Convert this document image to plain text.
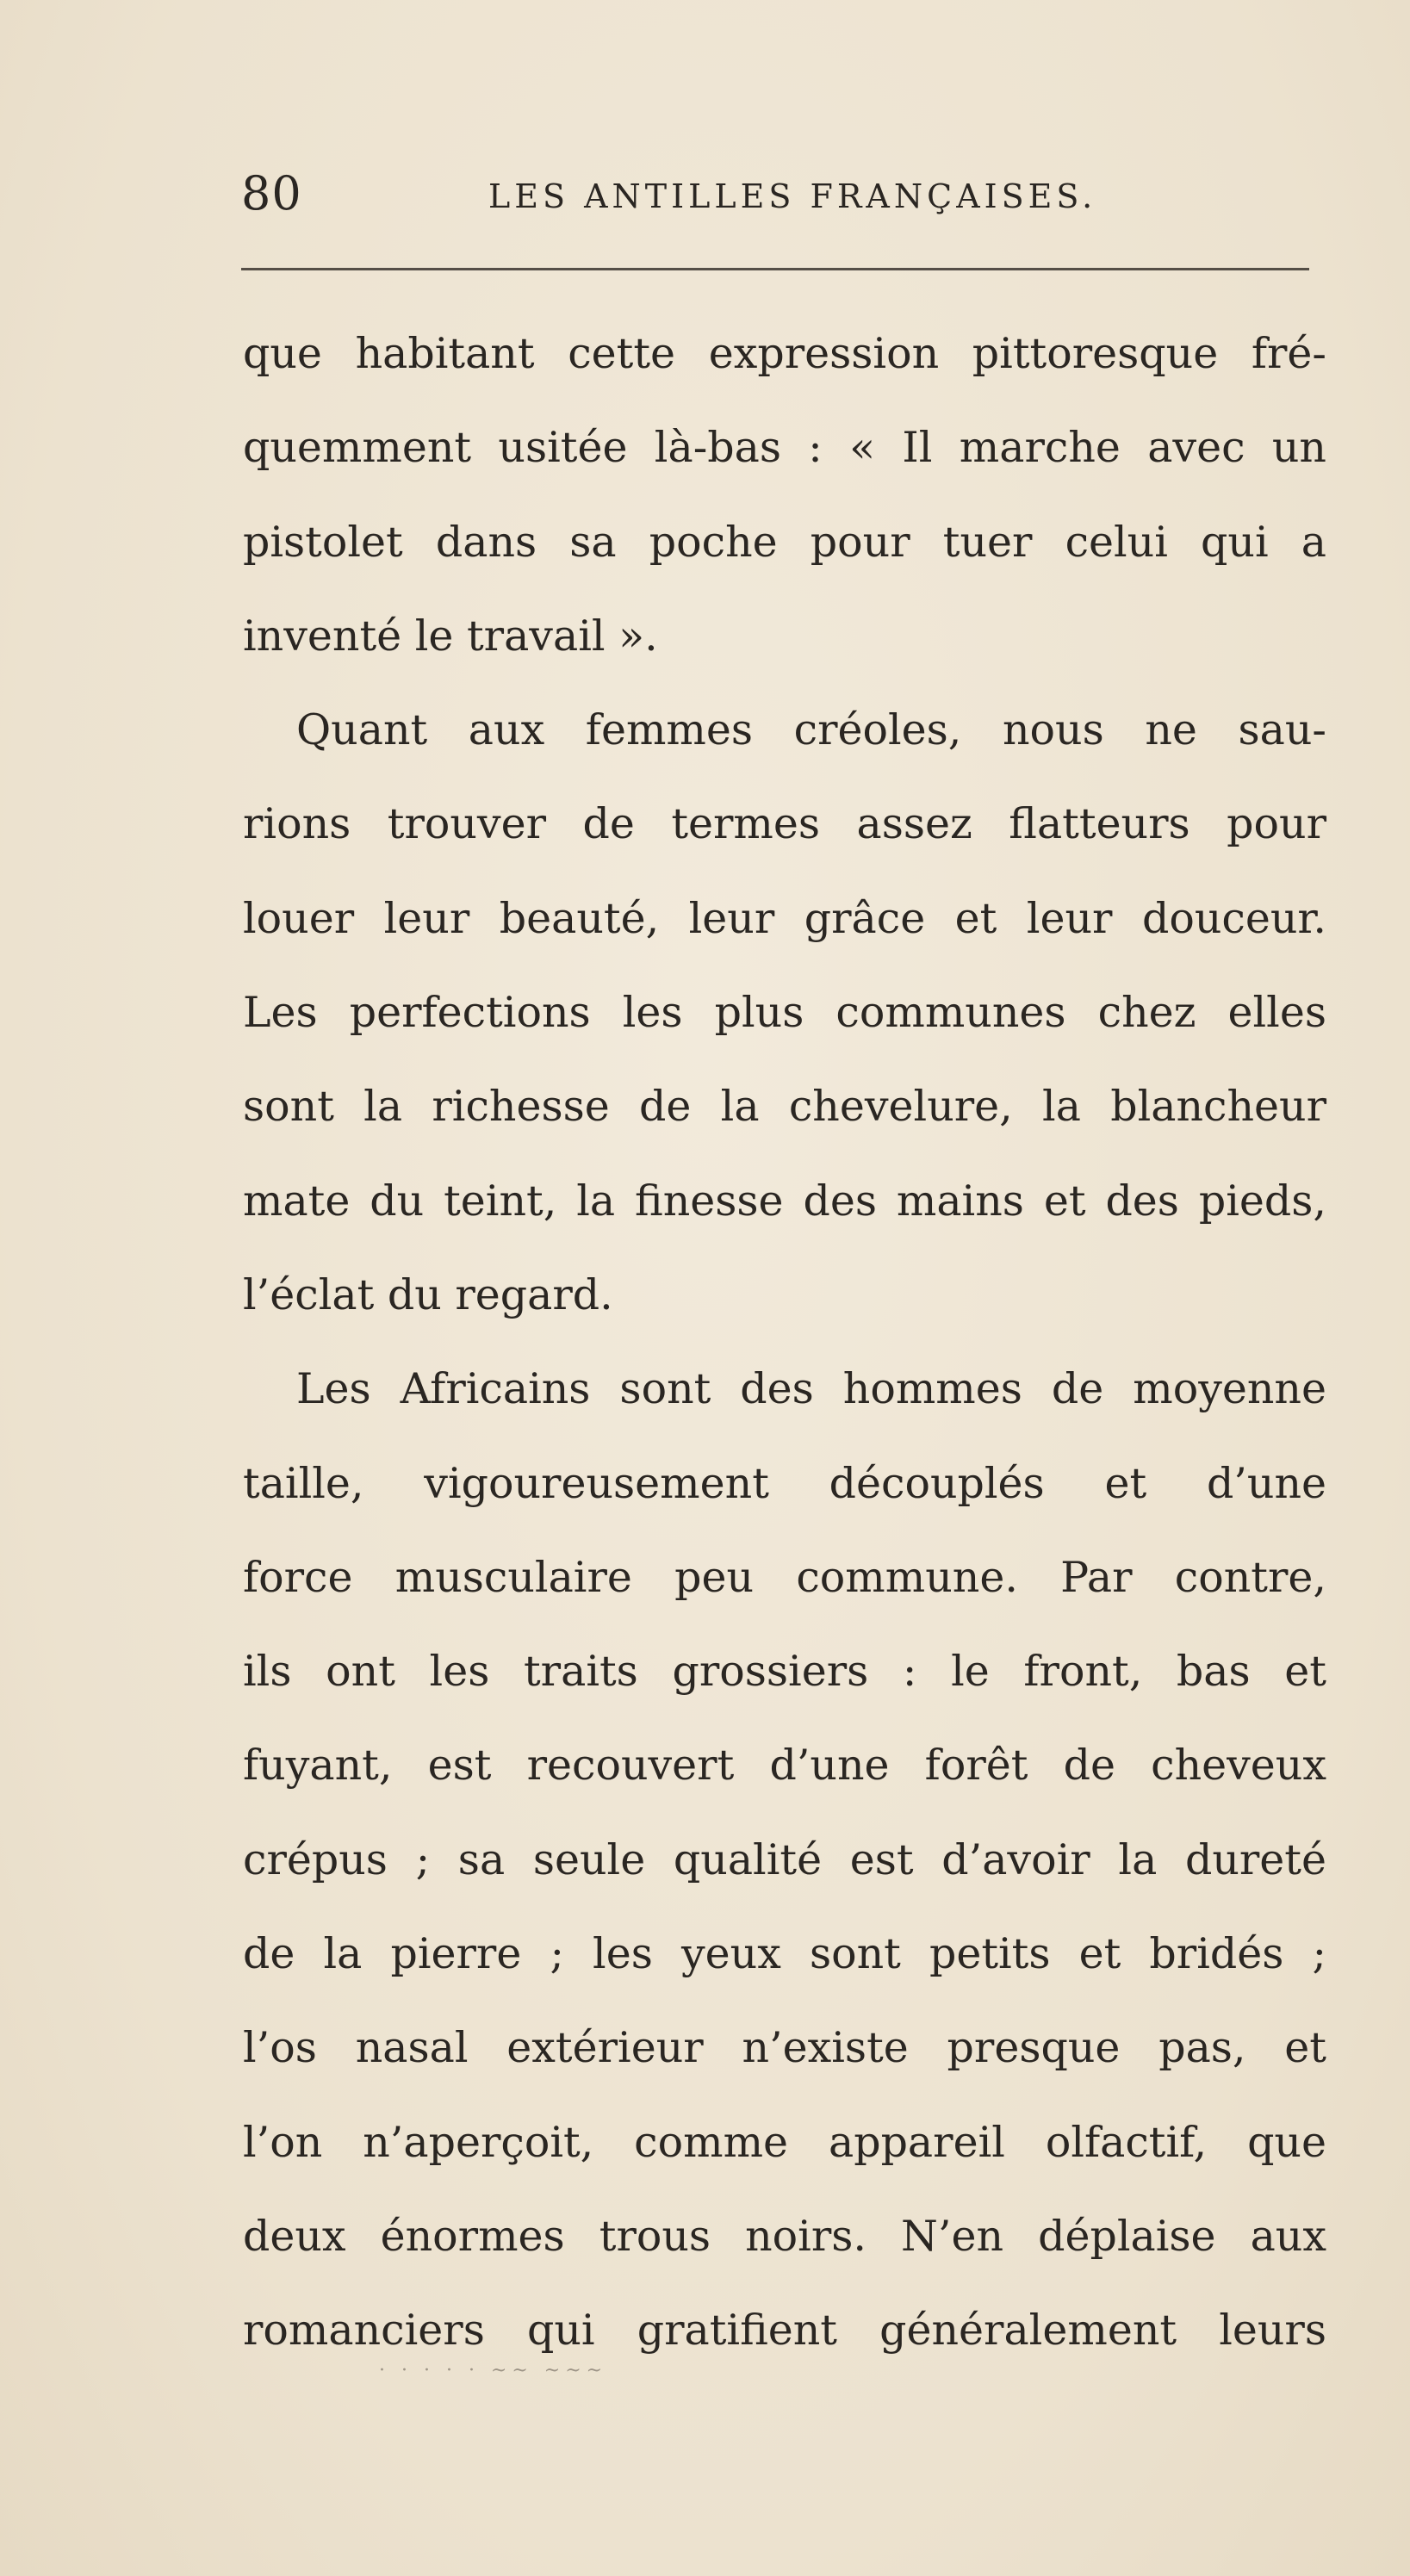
80	LES ANTILLES FRANÇAISES.
que habitant cette expression pittoresque fré-
quemment usitée là-bas : « Il marche avec un
pistolet dans sa poche pour tuer celui qui a
inventé le travail ».
Quant aux femmes créoles, nous ne sau-
rions trouver de termes assez flatteurs pour
louer leur beauté, leur grâce et leur douceur.
Les perfections les plus communes chez elles
sont la richesse de la chevelure, la blancheur
mate du teint, la finesse des mains et des pieds,
l’éclat du regard.
Les Africains sont des hommes de moyenne
taille, vigoureusement découplés et d’une
force musculaire peu commune. Par contre,
ils ont les traits grossiers : le front, bas et
fuyant, est recouvert d’une forêt de cheveux
crépus ; sa seule qualité est d’avoir la dureté
de la pierre ; les yeux sont petits et bridés ;
l’os nasal extérieur n’existe presque pas, et
l’on n’aperçoit, comme appareil olfactif, que
deux énormes trous noirs. N’en déplaise aux
romanciers qui gratifient généralement leurs
· · · · · ~~ ~~~
